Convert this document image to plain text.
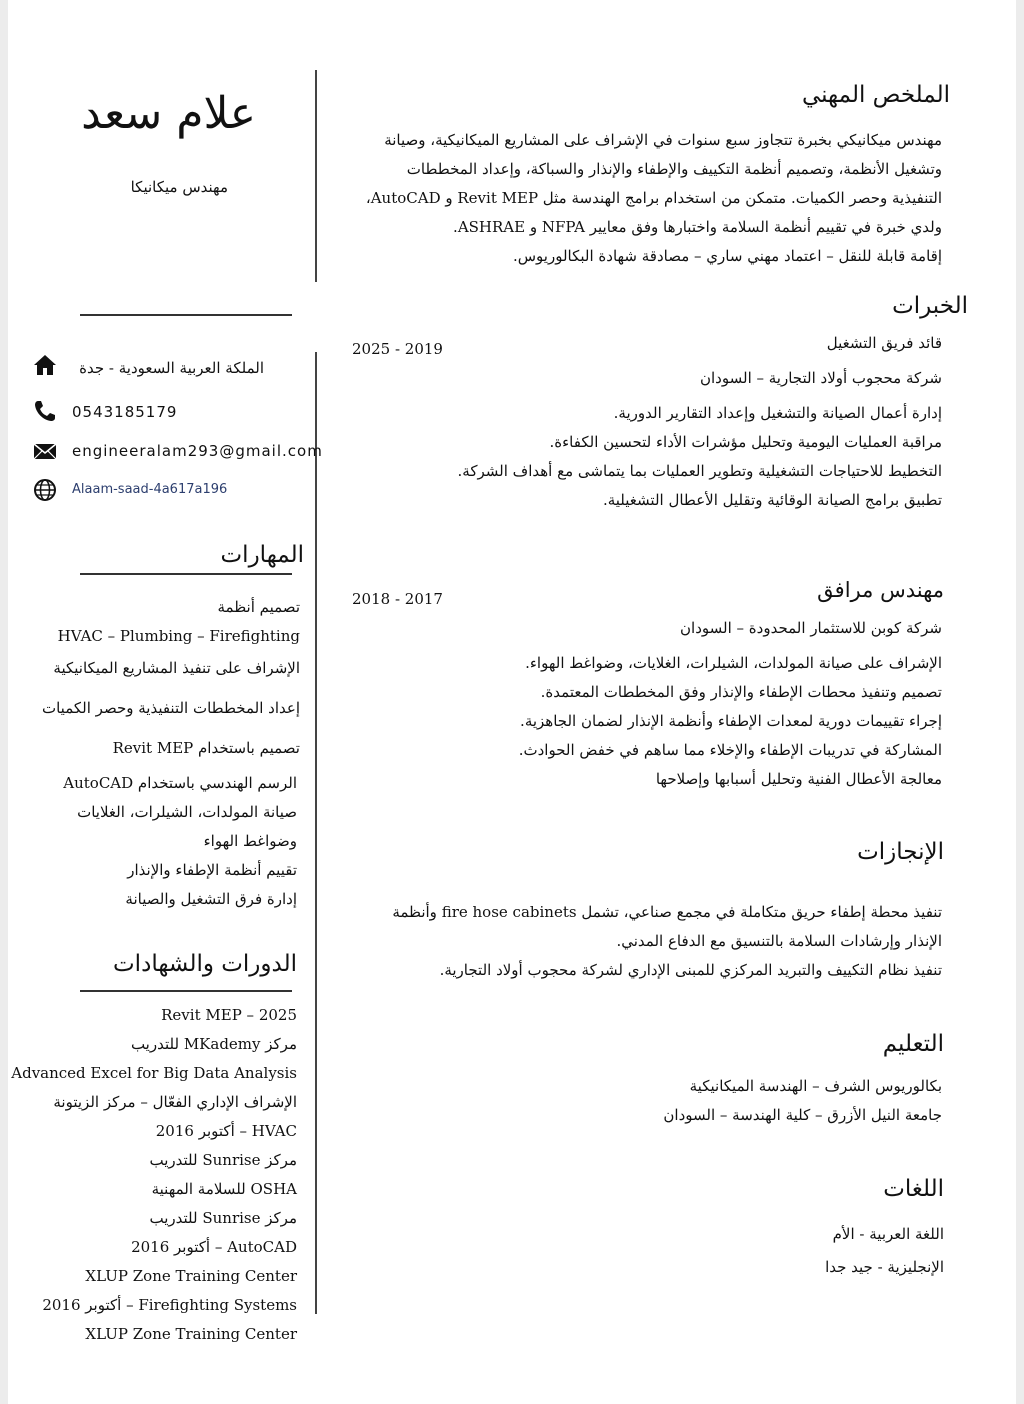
علام سعد
مهندس ميكانيكا
الملكة العربية السعودية - جدة
0543185179
engineeralam293@gmail.com
Alaam-saad-4a617a196
المهارات
تصميم أنظمة
HVAC – Plumbing – Firefighting
الإشراف على تنفيذ المشاريع الميكانيكية
إعداد المخططات التنفيذية وحصر الكميات
تصميم باستخدام Revit MEP
الرسم الهندسي باستخدام AutoCAD
صيانة المولدات، الشيلرات، الغلايات
وضواغط الهواء
تقييم أنظمة الإطفاء والإنذار
إدارة فرق التشغيل والصيانة
الدورات والشهادات
Revit MEP – 2025
مركز MKademy للتدريب
Advanced Excel for Big Data Analysis
الإشراف الإداري الفعّال – مركز الزيتونة
HVAC – أكتوبر 2016
مركز Sunrise للتدريب
OSHA للسلامة المهنية
مركز Sunrise للتدريب
AutoCAD – أكتوبر 2016
XLUP Zone Training Center
Firefighting Systems – أكتوبر 2016
XLUP Zone Training Center
الملخص المهني
مهندس ميكانيكي بخبرة تتجاوز سبع سنوات في الإشراف على المشاريع الميكانيكية، وصيانة
وتشغيل الأنظمة، وتصميم أنظمة التكييف والإطفاء والإنذار والسباكة، وإعداد المخططات
التنفيذية وحصر الكميات. متمكن من استخدام برامج الهندسة مثل Revit MEP و AutoCAD،
ولدي خبرة في تقييم أنظمة السلامة واختبارها وفق معايير NFPA و ASHRAE.
إقامة قابلة للنقل – اعتماد مهني ساري – مصادقة شهادة البكالوريوس.
الخبرات
قائد فريق التشغيل
2025 - 2019
شركة محجوب أولاد التجارية – السودان
إدارة أعمال الصيانة والتشغيل وإعداد التقارير الدورية.
مراقبة العمليات اليومية وتحليل مؤشرات الأداء لتحسين الكفاءة.
التخطيط للاحتياجات التشغيلية وتطوير العمليات بما يتماشى مع أهداف الشركة.
تطبيق برامج الصيانة الوقائية وتقليل الأعطال التشغيلية.
مهندس مرافق
2018 - 2017
شركة كوبن للاستثمار المحدودة – السودان
الإشراف على صيانة المولدات، الشيلرات، الغلايات، وضواغط الهواء.
تصميم وتنفيذ محطات الإطفاء والإنذار وفق المخططات المعتمدة.
إجراء تقييمات دورية لمعدات الإطفاء وأنظمة الإنذار لضمان الجاهزية.
المشاركة في تدريبات الإطفاء والإخلاء مما ساهم في خفض الحوادث.
معالجة الأعطال الفنية وتحليل أسبابها وإصلاحها
الإنجازات
تنفيذ محطة إطفاء حريق متكاملة في مجمع صناعي، تشمل fire hose cabinets وأنظمة
الإنذار وإرشادات السلامة بالتنسيق مع الدفاع المدني.
تنفيذ نظام التكييف والتبريد المركزي للمبنى الإداري لشركة محجوب أولاد التجارية.
التعليم
بكالوريوس الشرف – الهندسة الميكانيكية
جامعة النيل الأزرق – كلية الهندسة – السودان
اللغات
اللغة العربية - الأم
الإنجليزية - جيد جدا
